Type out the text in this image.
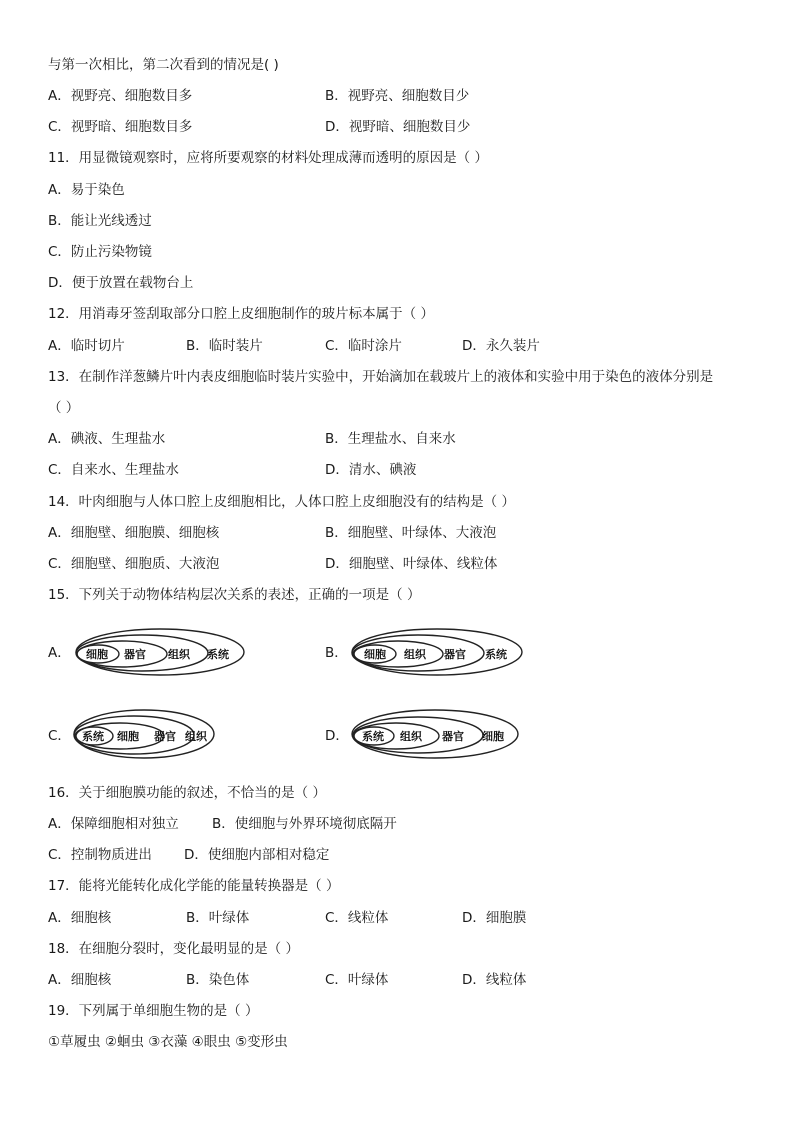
与第一次相比，第二次看到的情况是( )
A．视野亮、细胞数目多	B．视野亮、细胞数目少
C．视野暗、细胞数目多	D．视野暗、细胞数目少
11．用显微镜观察时，应将所要观察的材料处理成薄而透明的原因是（ ）
A．易于染色
B．能让光线透过
C．防止污染物镜
D．便于放置在载物台上
12．用消毒牙签刮取部分口腔上皮细胞制作的玻片标本属于（ ）
A．临时切片	B．临时装片	C．临时涂片	D．永久装片
13．在制作洋葱鳞片叶内表皮细胞临时装片实验中，开始滴加在载玻片上的液体和实验中用于染色的液体分别是
（ ）
A．碘液、生理盐水	B．生理盐水、自来水
C．自来水、生理盐水	D．清水、碘液
14．叶肉细胞与人体口腔上皮细胞相比，人体口腔上皮细胞没有的结构是（ ）
A．细胞壁、细胞膜、细胞核	B．细胞壁、叶绿体、大液泡
C．细胞壁、细胞质、大液泡	D．细胞壁、叶绿体、线粒体
15．下列关于动物体结构层次关系的表述，正确的一项是（ ）
A． 细胞 器官 组织 系统	B． 细胞 组织 器官 系统
C． 系统 细胞 器官 组织	D． 系统 组织 器官 细胞
16．关于细胞膜功能的叙述，不恰当的是（ ）
A．保障细胞相对独立 B．使细胞与外界环境彻底隔开
C．控制物质进出 D．使细胞内部相对稳定
17．能将光能转化成化学能的能量转换器是（ ）
A．细胞核	B．叶绿体	C．线粒体	D．细胞膜
18．在细胞分裂时，变化最明显的是（ ）
A．细胞核	B．染色体	C．叶绿体	D．线粒体
19．下列属于单细胞生物的是（ ）
①草履虫 ②蛔虫 ③衣藻 ④眼虫 ⑤变形虫
